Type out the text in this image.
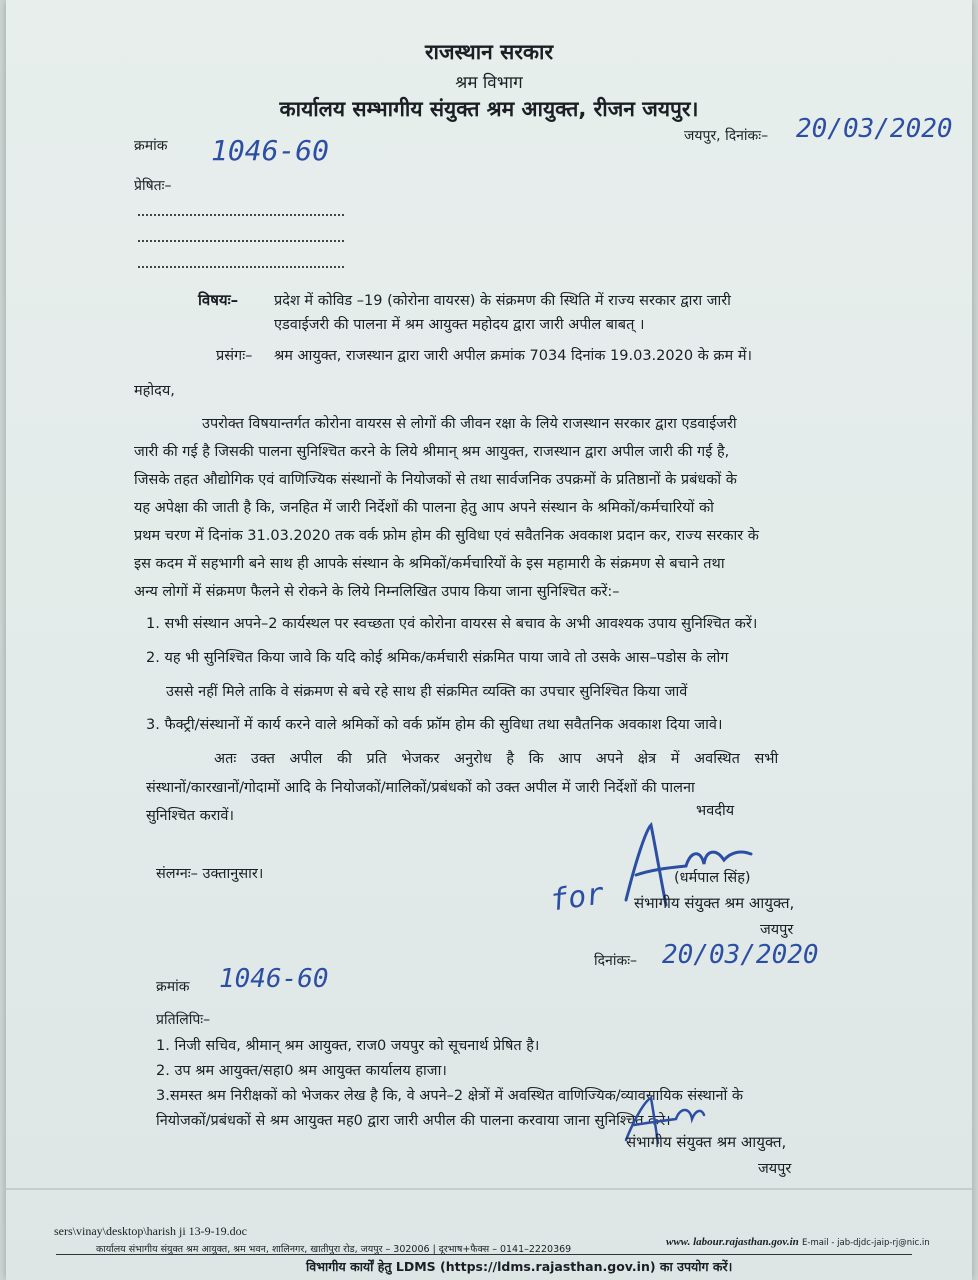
राजस्थान सरकार
श्रम विभाग
कार्यालय सम्भागीय संयुक्त श्रम आयुक्त, रीजन जयपुर।
क्रमांक 1046-60	जयपुर, दिनांकः– 20/03/2020
प्रेषितः–
विषयः– प्रदेश में कोविड –19 (कोरोना वायरस) के संक्रमण की स्थिति में राज्य सरकार द्वारा जारी
एडवाईजरी की पालना में श्रम आयुक्त महोदय द्वारा जारी अपील बाबत् ।
प्रसंगः– श्रम आयुक्त, राजस्थान द्वारा जारी अपील क्रमांक 7034 दिनांक 19.03.2020 के क्रम में।
महोदय,
उपरोक्त विषयान्तर्गत कोरोना वायरस से लोगों की जीवन रक्षा के लिये राजस्थान सरकार द्वारा एडवाईजरी
जारी की गई है जिसकी पालना सुनिश्चित करने के लिये श्रीमान् श्रम आयुक्त, राजस्थान द्वारा अपील जारी की गई है,
जिसके तहत औद्योगिक एवं वाणिज्यिक संस्थानों के नियोजकों से तथा सार्वजनिक उपक्रमों के प्रतिष्ठानों के प्रबंधकों के
यह अपेक्षा की जाती है कि, जनहित में जारी निर्देशों की पालना हेतु आप अपने संस्थान के श्रमिकों/कर्मचारियों को
प्रथम चरण में दिनांक 31.03.2020 तक वर्क फ्रोम होम की सुविधा एवं सवैतनिक अवकाश प्रदान कर, राज्य सरकार के
इस कदम में सहभागी बने साथ ही आपके संस्थान के श्रमिकों/कर्मचारियों के इस महामारी के संक्रमण से बचाने तथा
अन्य लोगों में संक्रमण फैलने से रोकने के लिये निम्नलिखित उपाय किया जाना सुनिश्चित करें:–
1. सभी संस्थान अपने–2 कार्यस्थल पर स्वच्छता एवं कोरोना वायरस से बचाव के अभी आवश्यक उपाय सुनिश्चित करें।
2. यह भी सुनिश्चित किया जावे कि यदि कोई श्रमिक/कर्मचारी संक्रमित पाया जावे तो उसके आस–पडोस के लोग
उससे नहीं मिले ताकि वे संक्रमण से बचे रहे साथ ही संक्रमित व्यक्ति का उपचार सुनिश्चित किया जावें
3. फैक्ट्री/संस्थानों में कार्य करने वाले श्रमिकों को वर्क फ्रॉम होम की सुविधा तथा सवैतनिक अवकाश दिया जावे।
अतः उक्त अपील की प्रति भेजकर अनुरोध है कि आप अपने क्षेत्र में अवस्थित सभी
संस्थानों/कारखानों/गोदामों आदि के नियोजकों/मालिकों/प्रबंधकों को उक्त अपील में जारी निर्देशों की पालना
सुनिश्चित करावें।	भवदीय
for	(धर्मपाल सिंह)
संभागीय संयुक्त श्रम आयुक्त,
जयपुर
संलग्नः– उक्तानुसार।
दिनांकः– 20/03/2020
क्रमांक 1046-60
प्रतिलिपिः–
1. निजी सचिव, श्रीमान् श्रम आयुक्त, राज0 जयपुर को सूचनार्थ प्रेषित है।
2. उप श्रम आयुक्त/सहा0 श्रम आयुक्त कार्यालय हाजा।
3.समस्त श्रम निरीक्षकों को भेजकर लेख है कि, वे अपने–2 क्षेत्रों में अवस्थित वाणिज्यिक/व्यावसायिक संस्थानों के
नियोजकों/प्रबंधकों से श्रम आयुक्त मह0 द्वारा जारी अपील की पालना करवाया जाना सुनिश्चित करे।
संभागीय संयुक्त श्रम आयुक्त,
जयपुर
sers\vinay\desktop\harish ji 13-9-19.doc
कार्यालय संभागीय संयुक्त श्रम आयुक्त, श्रम भवन, शालिनगर, खातीपुरा रोड, जयपुर – 302006 | दूरभाष+फैक्स – 0141–2220369
www. labour.rajasthan.gov.in E-mail - jab-djdc-jaip-rj@nic.in
विभागीय कार्यों हेतु LDMS (https://ldms.rajasthan.gov.in) का उपयोग करें।
